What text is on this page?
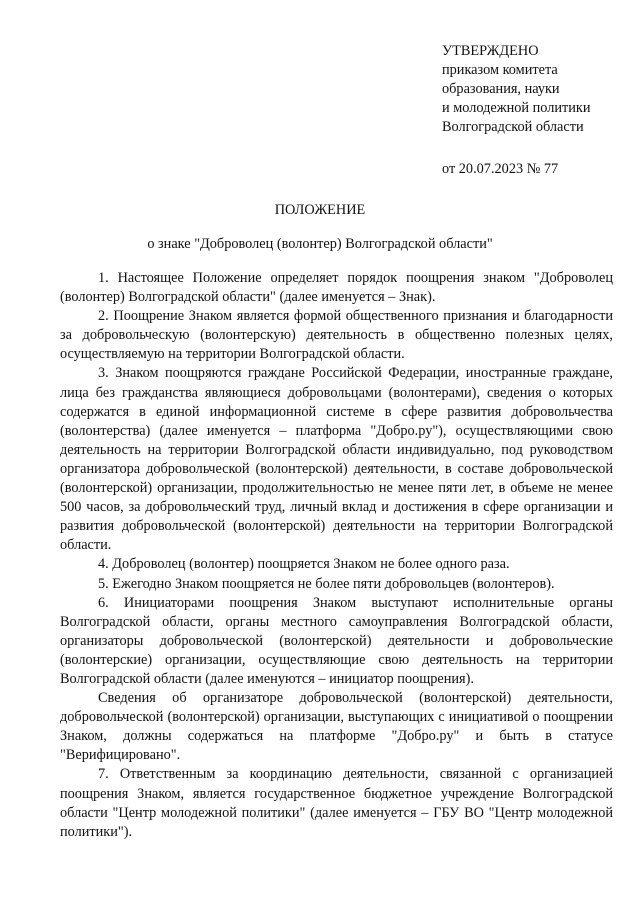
УТВЕРЖДЕНО
приказом комитета
образования, науки
и молодежной политики
Волгоградской области
от 20.07.2023 № 77
ПОЛОЖЕНИЕ
о знаке "Доброволец (волонтер) Волгоградской области"

1. Настоящее Положение определяет порядок поощрения знаком "Доброволец (волонтер) Волгоградской области" (далее именуется – Знак).

2. Поощрение Знаком является формой общественного признания и благодарности за добровольческую (волонтерскую) деятельность в общественно полезных целях, осуществляемую на территории Волгоградской области.

3. Знаком поощряются граждане Российской Федерации, иностранные граждане, лица без гражданства являющиеся добровольцами (волонтерами), сведения о которых содержатся в единой информационной системе в сфере развития добровольчества (волонтерства) (далее именуется – платформа "Добро.ру"), осуществляющими свою деятельность на территории Волгоградской области индивидуально, под руководством организатора добровольческой (волонтерской) деятельности, в составе добровольческой (волонтерской) организации, продолжительностью не менее пяти лет, в объеме не менее 500 часов, за добровольческий труд, личный вклад и достижения в сфере организации и развития добровольческой (волонтерской) деятельности на территории Волгоградской области.

4. Доброволец (волонтер) поощряется Знаком не более одного раза.

5. Ежегодно Знаком поощряется не более пяти добровольцев (волонтеров).

6. Инициаторами поощрения Знаком выступают исполнительные органы Волгоградской области, органы местного самоуправления Волгоградской области, организаторы добровольческой (волонтерской) деятельности и добровольческие (волонтерские) организации, осуществляющие свою деятельность на территории Волгоградской области (далее именуются – инициатор поощрения).

Сведения об организаторе добровольческой (волонтерской) деятельности, добровольческой (волонтерской) организации, выступающих с инициативой о поощрении Знаком, должны содержаться на платформе "Добро.ру" и быть в статусе "Верифицировано".

7. Ответственным за координацию деятельности, связанной с организацией поощрения Знаком, является государственное бюджетное учреждение Волгоградской области "Центр молодежной политики" (далее именуется – ГБУ ВО "Центр молодежной политики").
